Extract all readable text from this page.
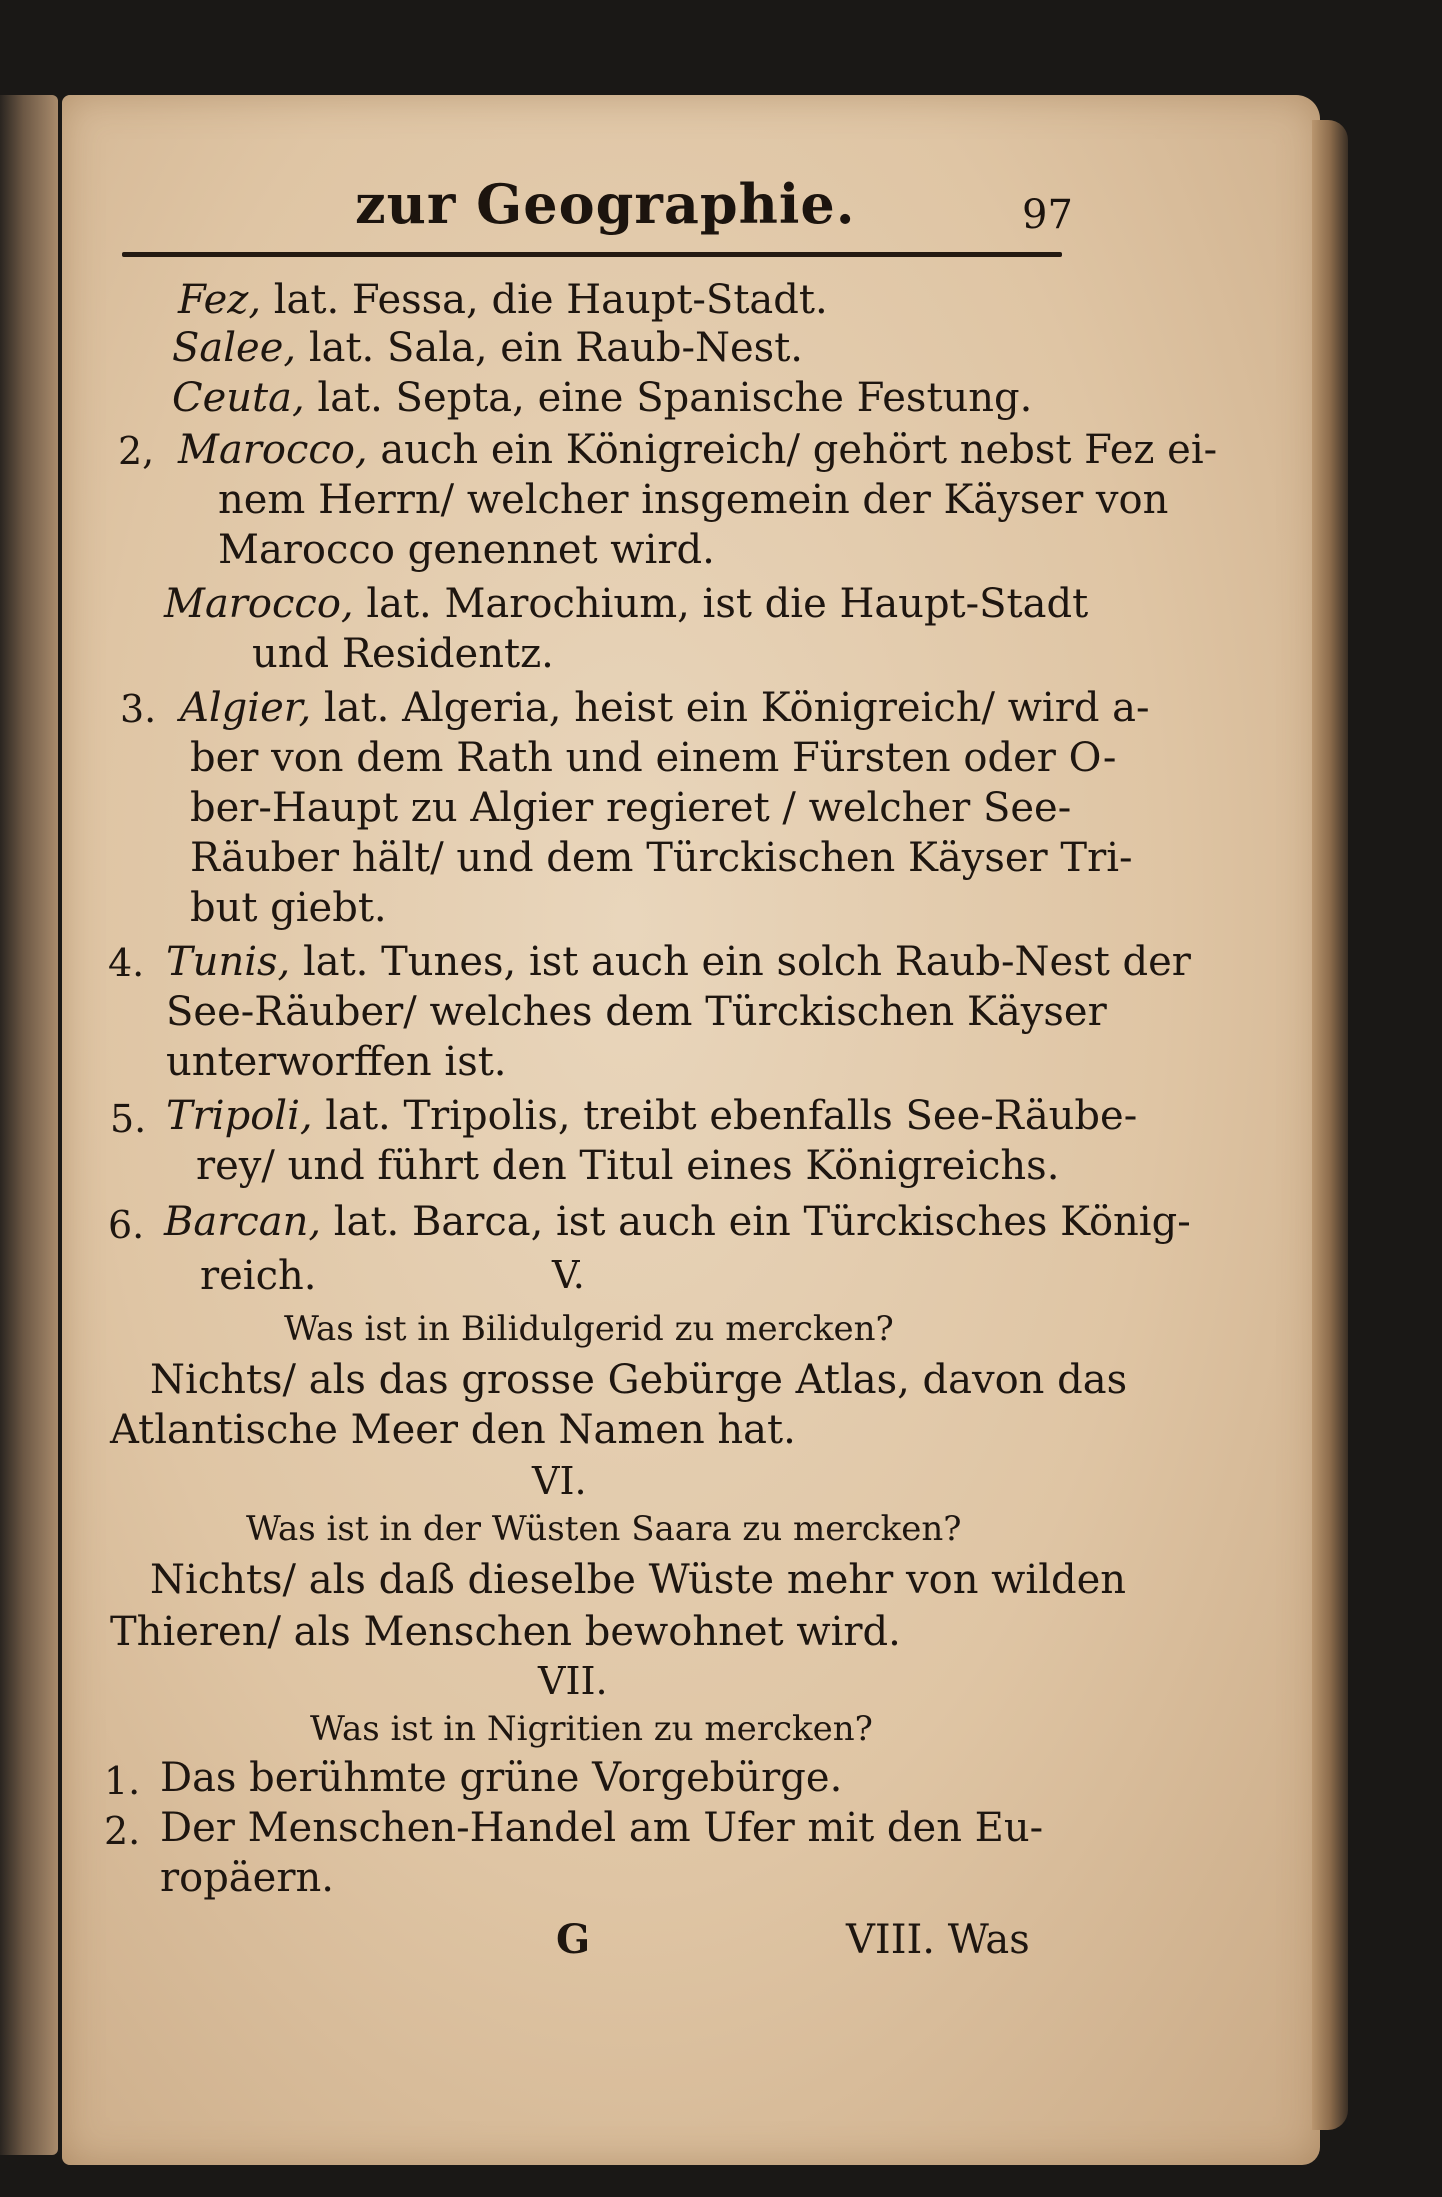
zur Geographie.	97
Fez, lat. Fessa, die Haupt-Stadt.
Salee, lat. Sala, ein Raub-Nest.
Ceuta, lat. Septa, eine Spanische Festung.
2, Marocco, auch ein Königreich/ gehört nebst Fez ei-
nem Herrn/ welcher insgemein der Käyser von
Marocco genennet wird.
Marocco, lat. Marochium, ist die Haupt-Stadt
und Residentz.
3. Algier, lat. Algeria, heist ein Königreich/ wird a-
ber von dem Rath und einem Fürsten oder O-
ber-Haupt zu Algier regieret / welcher See-
Räuber hält/ und dem Türckischen Käyser Tri-
but giebt.
4. Tunis, lat. Tunes, ist auch ein solch Raub-Nest der
See-Räuber/ welches dem Türckischen Käyser
unterworffen ist.
5. Tripoli, lat. Tripolis, treibt ebenfalls See-Räube-
rey/ und führt den Titul eines Königreichs.
6. Barcan, lat. Barca, ist auch ein Türckisches König-
reich.	V.
Was ist in Bilidulgerid zu mercken?
Nichts/ als das grosse Gebürge Atlas, davon das
Atlantische Meer den Namen hat.
VI.
Was ist in der Wüsten Saara zu mercken?
Nichts/ als daß dieselbe Wüste mehr von wilden
Thieren/ als Menschen bewohnet wird.
VII.
Was ist in Nigritien zu mercken?
1. Das berühmte grüne Vorgebürge.
2. Der Menschen-Handel am Ufer mit den Eu-
ropäern.
G	VIII. Was
